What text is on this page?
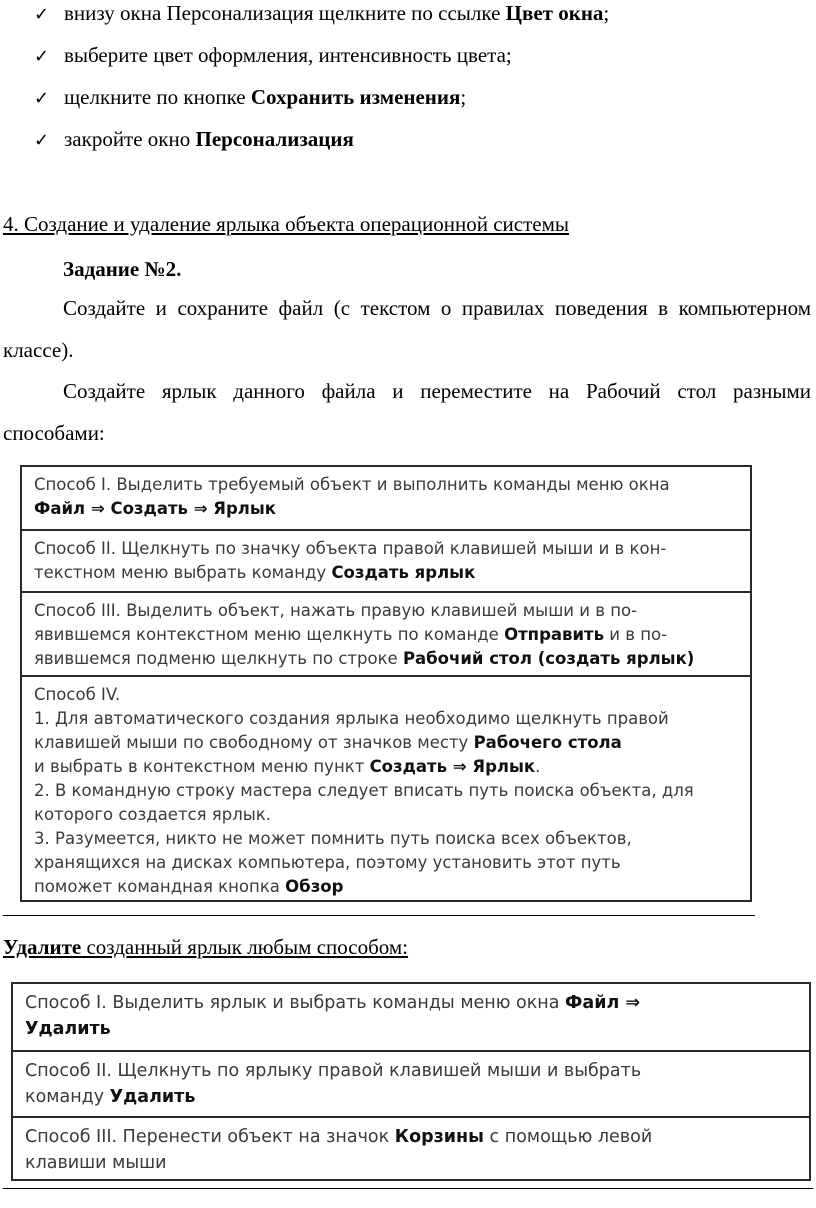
✓ внизу окна Персонализация щелкните по ссылке Цвет окна;
✓ выберите цвет оформления, интенсивность цвета;
✓ щелкните по кнопке Сохранить изменения;
✓ закройте окно Персонализация
4. Создание и удаление ярлыка объекта операционной системы
Задание №2.

Создайте и сохраните файл (с текстом о правилах поведения в компьютерном классе).

Создайте ярлык данного файла и переместите на Рабочий стол разными способами:

Способ I. Выделить требуемый объект и выполнить команды меню окна
Файл ⇒ Создать ⇒ Ярлык
Способ II. Щелкнуть по значку объекта правой клавишей мыши и в кон-
текстном меню выбрать команду Создать ярлык
Способ III. Выделить объект, нажать правую клавишей мыши и в по-
явившемся контекстном меню щелкнуть по команде Отправить и в по-
явившемся подменю щелкнуть по строке Рабочий стол (создать ярлык)
Способ IV.
1. Для автоматического создания ярлыка необходимо щелкнуть правой
клавишей мыши по свободному от значков месту Рабочего стола
и выбрать в контекстном меню пункт Создать ⇒ Ярлык.
2. В командную строку мастера следует вписать путь поиска объекта, для
которого создается ярлык.
3. Разумеется, никто не может помнить путь поиска всех объектов,
хранящихся на дисках компьютера, поэтому установить этот путь
поможет командная кнопка Обзор
Удалите созданный ярлык любым способом:
Способ I. Выделить ярлык и выбрать команды меню окна Файл ⇒
Удалить
Способ II. Щелкнуть по ярлыку правой клавишей мыши и выбрать
команду Удалить
Способ III. Перенести объект на значок Корзины с помощью левой
клавиши мыши
